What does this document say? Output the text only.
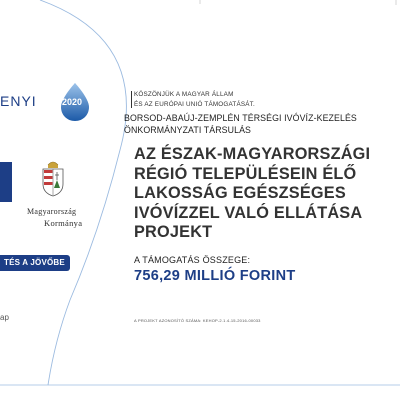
ENYI	2020
6	Magyarország
Kormánya
TÉS A JÖVŐBE
ap
KÖSZÖNJÜK A MAGYAR ÁLLAM
ÉS AZ EURÓPAI UNIÓ TÁMOGATÁSÁT.
BORSOD-ABAÚJ-ZEMPLÉN TÉRSÉGI IVÓVÍZ-KEZELÉS
ÖNKORMÁNYZATI TÁRSULÁS
AZ ÉSZAK-MAGYARORSZÁGI
RÉGIÓ TELEPÜLÉSEIN ÉLŐ
LAKOSSÁG EGÉSZSÉGES
IVÓVÍZZEL VALÓ ELLÁTÁSA
PROJEKT
A TÁMOGATÁS ÖSSZEGE:
756,29 MILLIÓ FORINT
A PROJEKT AZONOSÍTÓ SZÁMA: KEHOP-2.1.4-15-2016-00033
